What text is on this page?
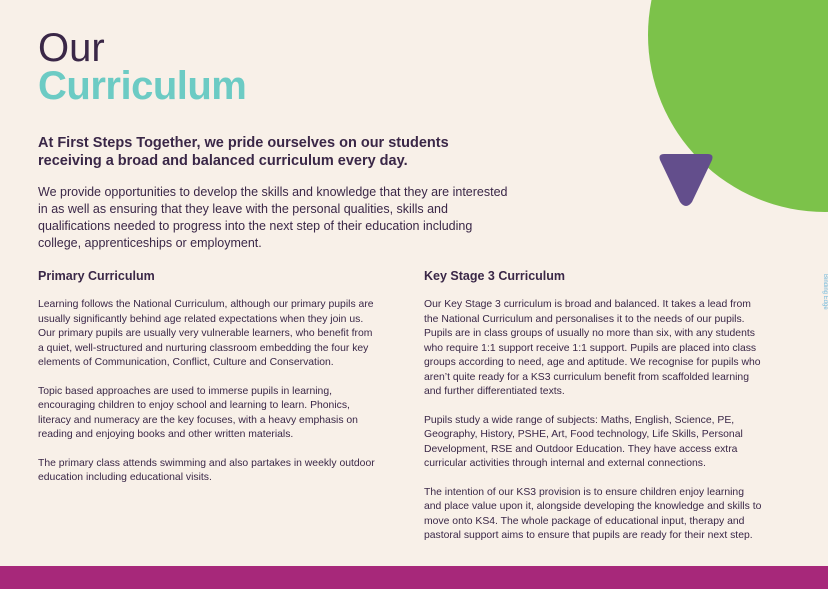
Our
Curriculum

At First Steps Together, we pride ourselves on our students receiving a broad and balanced curriculum every day.

We provide opportunities to develop the skills and knowledge that they are interested in as well as ensuring that they leave with the personal qualities, skills and qualifications needed to progress into the next step of their education including college, apprenticeships or employment.

Primary Curriculum

Learning follows the National Curriculum, although our primary pupils are usually significantly behind age related expectations when they join us. Our primary pupils are usually very vulnerable learners, who benefit from a quiet, well-structured and nurturing classroom embedding the four key elements of Communication, Conflict, Culture and Conservation.

Topic based approaches are used to immerse pupils in learning, encouraging children to enjoy school and learning to learn. Phonics, literacy and numeracy are the key focuses, with a heavy emphasis on reading and enjoying books and other written materials.

The primary class attends swimming and also partakes in weekly outdoor education including educational visits.

Key Stage 3 Curriculum

Our Key Stage 3 curriculum is broad and balanced. It takes a lead from the National Curriculum and personalises it to the needs of our pupils. Pupils are in class groups of usually no more than six, with any students who require 1:1 support receive 1:1 support. Pupils are placed into class groups according to need, age and aptitude. We recognise for pupils who aren’t quite ready for a KS3 curriculum benefit from scaffolded learning and further differentiated texts.

Pupils study a wide range of subjects: Maths, English, Science, PE, Geography, History, PSHE, Art, Food technology, Life Skills, Personal Development, RSE and Outdoor Education. They have access extra curricular activities through internal and external connections.

The intention of our KS3 provision is to ensure children enjoy learning and place value upon it, alongside developing the knowledge and skills to move onto KS4. The whole package of educational input, therapy and pastoral support aims to ensure that pupils are ready for their next step.

Binding Edge
